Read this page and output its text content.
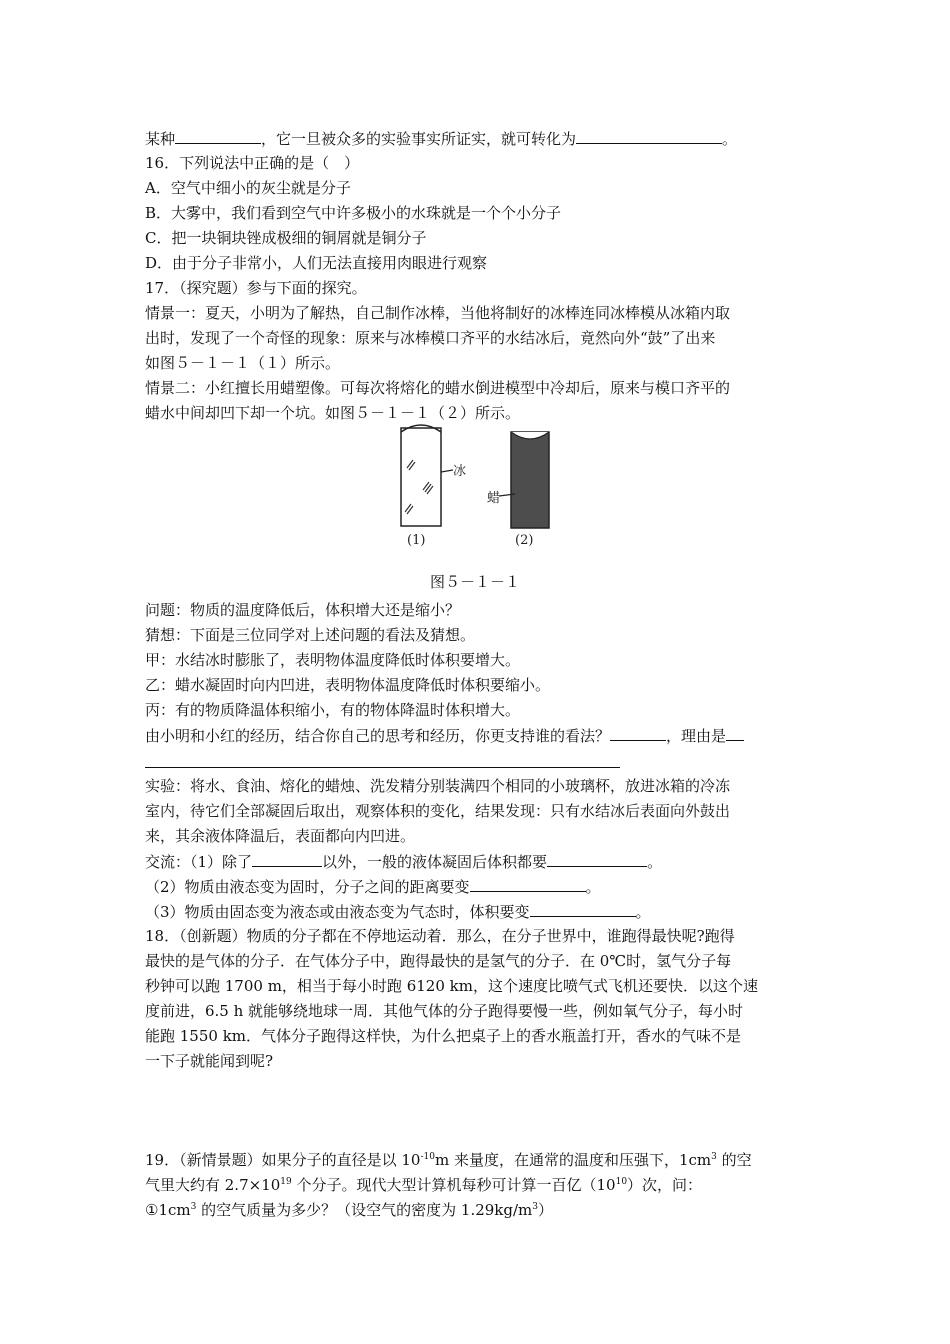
某种	，它一旦被众多的实验事实所证实，就可转化为	。
16．下列说法中正确的是（　）
A．空气中细小的灰尘就是分子
B．大雾中，我们看到空气中许多极小的水珠就是一个个小分子
C．把一块铜块锉成极细的铜屑就是铜分子
D．由于分子非常小，人们无法直接用肉眼进行观察
17．（探究题）参与下面的探究。
情景一：夏天，小明为了解热，自己制作冰棒，当他将制好的冰棒连同冰棒模从冰箱内取
出时，发现了一个奇怪的现象：原来与冰棒模口齐平的水结冰后，竟然向外“鼓”了出来
如图５－１－１（１）所示。
情景二：小红擅长用蜡塑像。可每次将熔化的蜡水倒进模型中冷却后，原来与模口齐平的
蜡水中间却凹下却一个坑。如图５－１－１（２）所示。
冰
(1)
蜡
(2)
图５－１－１
问题：物质的温度降低后，体积增大还是缩小？
猜想：下面是三位同学对上述问题的看法及猜想。
甲：水结冰时膨胀了，表明物体温度降低时体积要增大。
乙：蜡水凝固时向内凹进，表明物体温度降低时体积要缩小。
丙：有的物质降温体积缩小，有的物体降温时体积增大。
由小明和小红的经历，结合你自己的思考和经历，你更支持谁的看法？	，理由是
实验：将水、食油、熔化的蜡烛、洗发精分别装满四个相同的小玻璃杯，放进冰箱的冷冻
室内，待它们全部凝固后取出，观察体积的变化，结果发现：只有水结冰后表面向外鼓出
来，其余液体降温后，表面都向内凹进。
交流：（1）除了	以外，一般的液体凝固后体积都要	。
（2）物质由液态变为固时，分子之间的距离要变	。
（3）物质由固态变为液态或由液态变为气态时，体积要变	。
18．（创新题）物质的分子都在不停地运动着．那么，在分子世界中，谁跑得最快呢?跑得
最快的是气体的分子．在气体分子中，跑得最快的是氢气的分子．在 0℃时，氢气分子每
秒钟可以跑 1700 m，相当于每小时跑 6120 km，这个速度比喷气式飞机还要快．以这个速
度前进，6.5 h 就能够绕地球一周．其他气体的分子跑得要慢一些，例如氧气分子，每小时
能跑 1550 km．气体分子跑得这样快，为什么把桌子上的香水瓶盖打开，香水的气味不是
一下子就能闻到呢?
19．（新情景题）如果分子的直径是以 $10^{-10}m$ 来量度，在通常的温度和压强下，$1cm^3$ 的空
气里大约有 $2.7\times 10^{19}$ 个分子。现代大型计算机每秒可计算一百亿$(10^{10})$次，问：
$①1cm^3$ 的空气质量为多少？（设空气的密度为 $1.29kg/m^3$）
